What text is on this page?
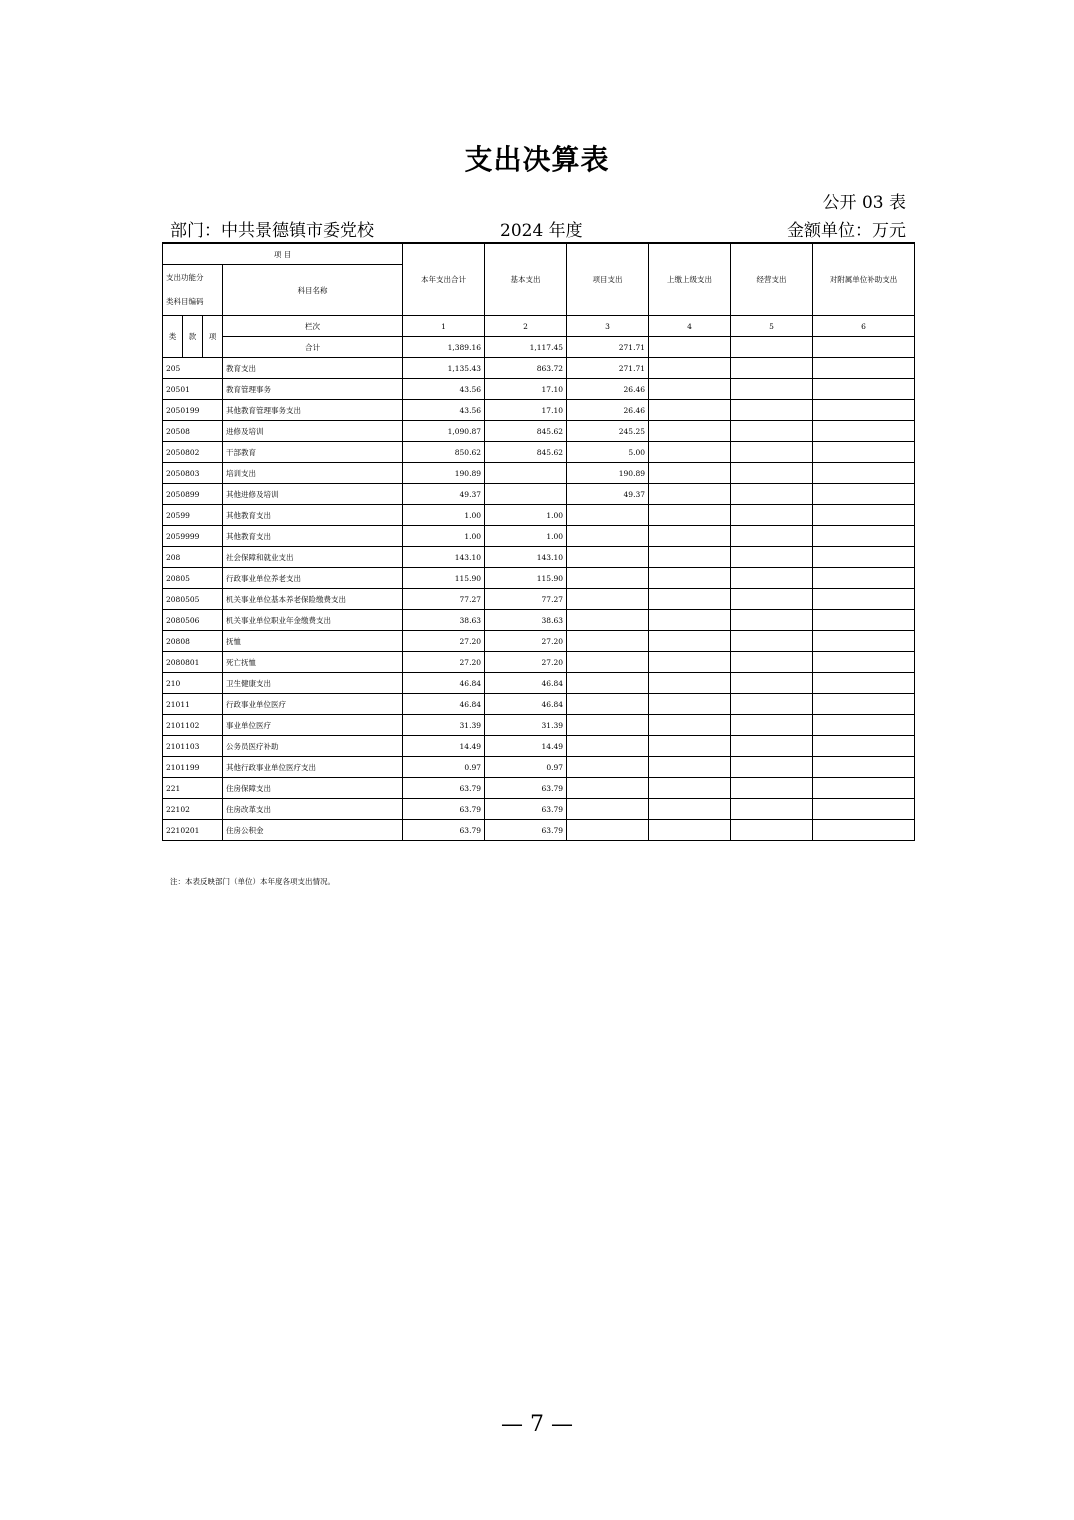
支出决算表
公开 03 表
部门：中共景德镇市委党校	2024 年度	金额单位：万元
项 目				本年支出合计	基本支出	项目支出	上缴上级支出	经营支出	对附属单位补助支出

支出功能分
类科目编码			科目名称						
类	款	项	栏次	1	2	3	4	5	6
			合计	1,389.16	1,117.45	271.71			
205			教育支出	1,135.43	863.72	271.71			
20501			教育管理事务	43.56	17.10	26.46			
2050199			其他教育管理事务支出	43.56	17.10	26.46			
20508			进修及培训	1,090.87	845.62	245.25			
2050802			干部教育	850.62	845.62	5.00			
2050803			培训支出	190.89		190.89			
2050899			其他进修及培训	49.37		49.37			
20599			其他教育支出	1.00	1.00				
2059999			其他教育支出	1.00	1.00				
208			社会保障和就业支出	143.10	143.10				
20805			行政事业单位养老支出	115.90	115.90				
2080505			机关事业单位基本养老保险缴费支出	77.27	77.27				
2080506			机关事业单位职业年金缴费支出	38.63	38.63				
20808			抚恤	27.20	27.20				
2080801			死亡抚恤	27.20	27.20				
210			卫生健康支出	46.84	46.84				
21011			行政事业单位医疗	46.84	46.84				
2101102			事业单位医疗	31.39	31.39				
2101103			公务员医疗补助	14.49	14.49				
2101199			其他行政事业单位医疗支出	0.97	0.97				
221			住房保障支出	63.79	63.79				
22102			住房改革支出	63.79	63.79				
2210201			住房公积金	63.79	63.79				
注：本表反映部门（单位）本年度各项支出情况。
— 7 —
